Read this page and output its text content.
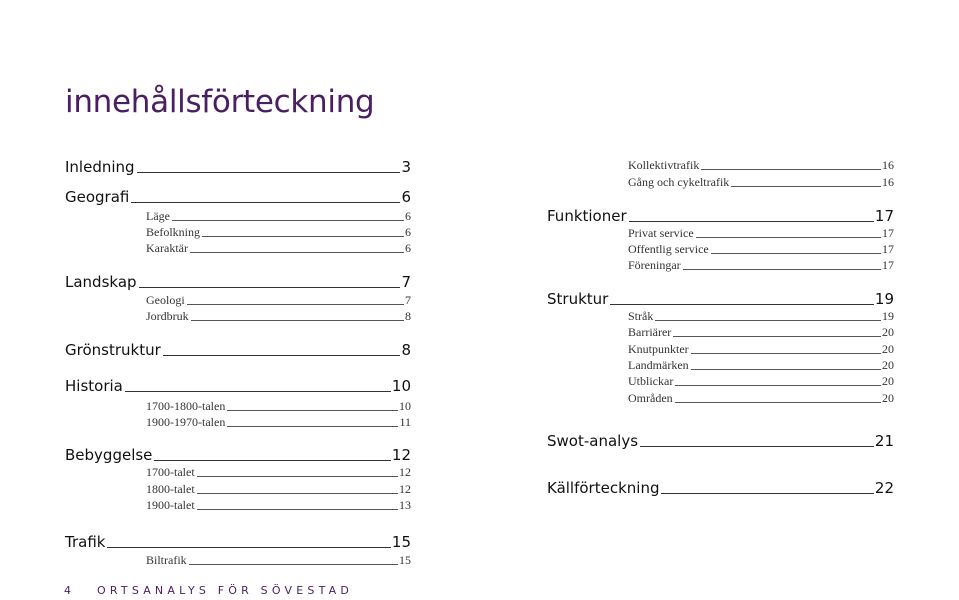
innehållsförteckning
Inledning	3
Geografi	6
Läge	6
Befolkning	6
Karaktär	6
Landskap	7
Geologi	7
Jordbruk	8
Grönstruktur	8
Historia	10
1700-1800-talen	10
1900-1970-talen	11
Bebyggelse	12
1700-talet	12
1800-talet	12
1900-talet	13
Trafik	15
Biltrafik	15
Kollektivtrafik	16
Gång och cykeltrafik	16
Funktioner	17
Privat service	17
Offentlig service	17
Föreningar	17
Struktur	19
Stråk	19
Barriärer	20
Knutpunkter	20
Landmärken	20
Utblickar	20
Områden	20
Swot-analys	21
Källförteckning	22
4 ORTSANALYS FÖR SÖVESTAD
